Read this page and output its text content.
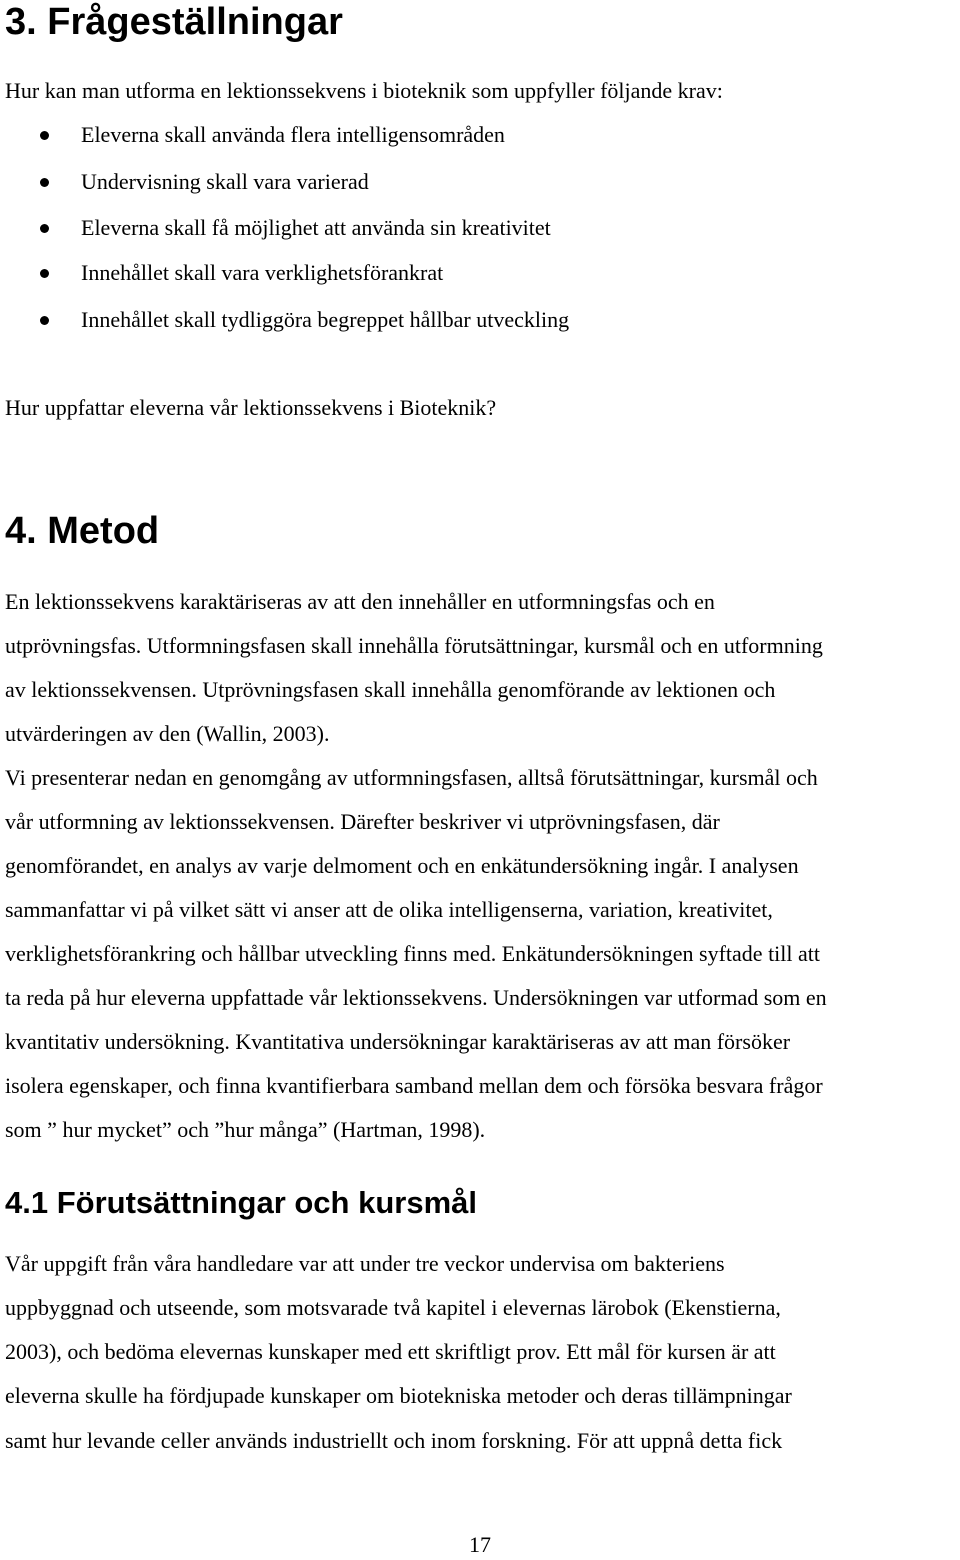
3. Frågeställningar

Hur kan man utforma en lektionssekvens i bioteknik som uppfyller följande krav:

Eleverna skall använda flera intelligensområden
Undervisning skall vara varierad
Eleverna skall få möjlighet att använda sin kreativitet
Innehållet skall vara verklighetsförankrat
Innehållet skall tydliggöra begreppet hållbar utveckling

Hur uppfattar eleverna vår lektionssekvens i Bioteknik?

4. Metod

En lektionssekvens karaktäriseras av att den innehåller en utformningsfas och en

utprövningsfas. Utformningsfasen skall innehålla förutsättningar, kursmål och en utformning

av lektionssekvensen. Utprövningsfasen skall innehålla genomförande av lektionen och

utvärderingen av den (Wallin, 2003).

Vi presenterar nedan en genomgång av utformningsfasen, alltså förutsättningar, kursmål och

vår utformning av lektionssekvensen. Därefter beskriver vi utprövningsfasen, där

genomförandet, en analys av varje delmoment och en enkätundersökning ingår. I analysen

sammanfattar vi på vilket sätt vi anser att de olika intelligenserna, variation, kreativitet,

verklighetsförankring och hållbar utveckling finns med. Enkätundersökningen syftade till att

ta reda på hur eleverna uppfattade vår lektionssekvens. Undersökningen var utformad som en

kvantitativ undersökning. Kvantitativa undersökningar karaktäriseras av att man försöker

isolera egenskaper, och finna kvantifierbara samband mellan dem och försöka besvara frågor

som ” hur mycket” och ”hur många” (Hartman, 1998).

4.1 Förutsättningar och kursmål

Vår uppgift från våra handledare var att under tre veckor undervisa om bakteriens

uppbyggnad och utseende, som motsvarade två kapitel i elevernas lärobok (Ekenstierna,

2003), och bedöma elevernas kunskaper med ett skriftligt prov. Ett mål för kursen är att

eleverna skulle ha fördjupade kunskaper om biotekniska metoder och deras tillämpningar

samt hur levande celler används industriellt och inom forskning. För att uppnå detta fick

17
